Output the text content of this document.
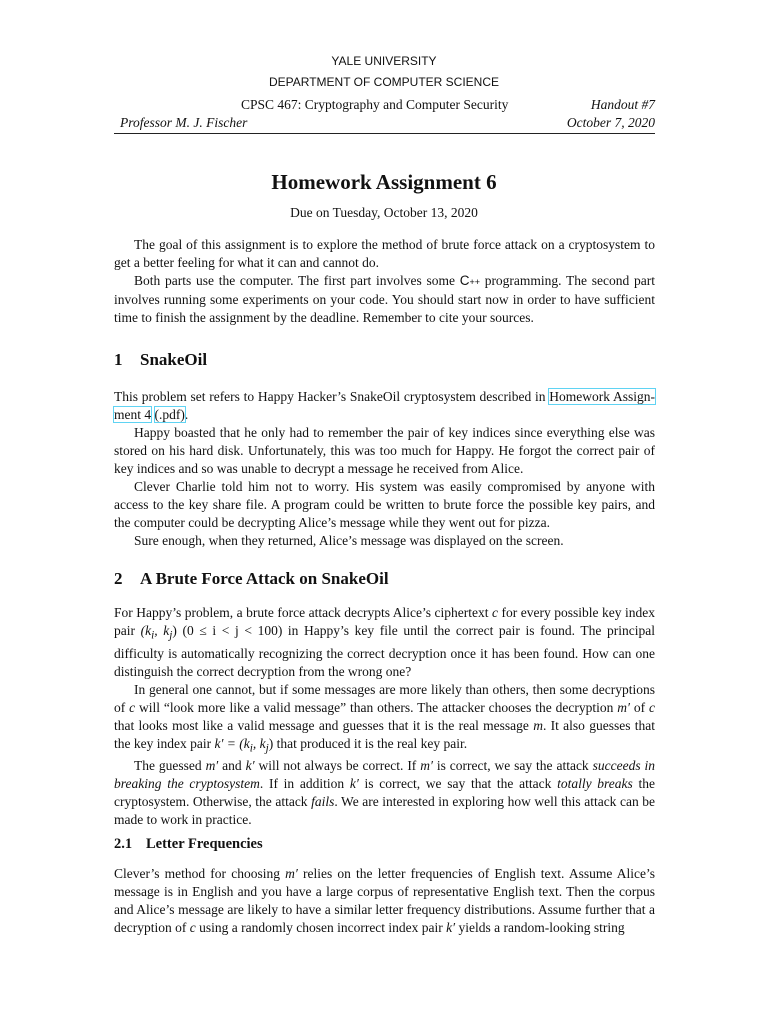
YALE UNIVERSITY
DEPARTMENT OF COMPUTER SCIENCE
CPSC 467: Cryptography and Computer Security	Handout #7
Professor M. J. Fischer	October 7, 2020
Homework Assignment 6
Due on Tuesday, October 13, 2020

The goal of this assignment is to explore the method of brute force attack on a cryptosystem to get a better feeling for what it can and cannot do.

Both parts use the computer. The first part involves some C++ programming. The second part involves running some experiments on your code. You should start now in order to have sufficient time to finish the assignment by the deadline. Remember to cite your sources.

1 SnakeOil

This problem set refers to Happy Hacker’s SnakeOil cryptosystem described in Homework Assign-ment 4 (.pdf).

Happy boasted that he only had to remember the pair of key indices since everything else was stored on his hard disk. Unfortunately, this was too much for Happy. He forgot the correct pair of key indices and so was unable to decrypt a message he received from Alice.

Clever Charlie told him not to worry. His system was easily compromised by anyone with access to the key share file. A program could be written to brute force the possible key pairs, and the computer could be decrypting Alice’s message while they went out for pizza.

Sure enough, when they returned, Alice’s message was displayed on the screen.

2 A Brute Force Attack on SnakeOil

For Happy’s problem, a brute force attack decrypts Alice’s ciphertext c for every possible key index pair ($k_i$, $k_j$) (0 ≤ i < j < 100) in Happy’s key file until the correct pair is found. The principal difficulty is automatically recognizing the correct decryption once it has been found. How can one distinguish the correct decryption from the wrong one?

In general one cannot, but if some messages are more likely than others, then some decryptions of c will “look more like a valid message” than others. The attacker chooses the decryption m′ of c that looks most like a valid message and guesses that it is the real message m. It also guesses that the key index pair $k' = (k_i$, $k_j$) that produced it is the real key pair.

The guessed m′ and k′ will not always be correct. If m′ is correct, we say the attack succeeds in breaking the cryptosystem. If in addition k′ is correct, we say that the attack totally breaks the cryptosystem. Otherwise, the attack fails. We are interested in exploring how well this attack can be made to work in practice.

2.1 Letter Frequencies

Clever’s method for choosing m′ relies on the letter frequencies of English text. Assume Alice’s message is in English and you have a large corpus of representative English text. Then the corpus and Alice’s message are likely to have a similar letter frequency distributions. Assume further that a decryption of c using a randomly chosen incorrect index pair k′ yields a random-looking string
